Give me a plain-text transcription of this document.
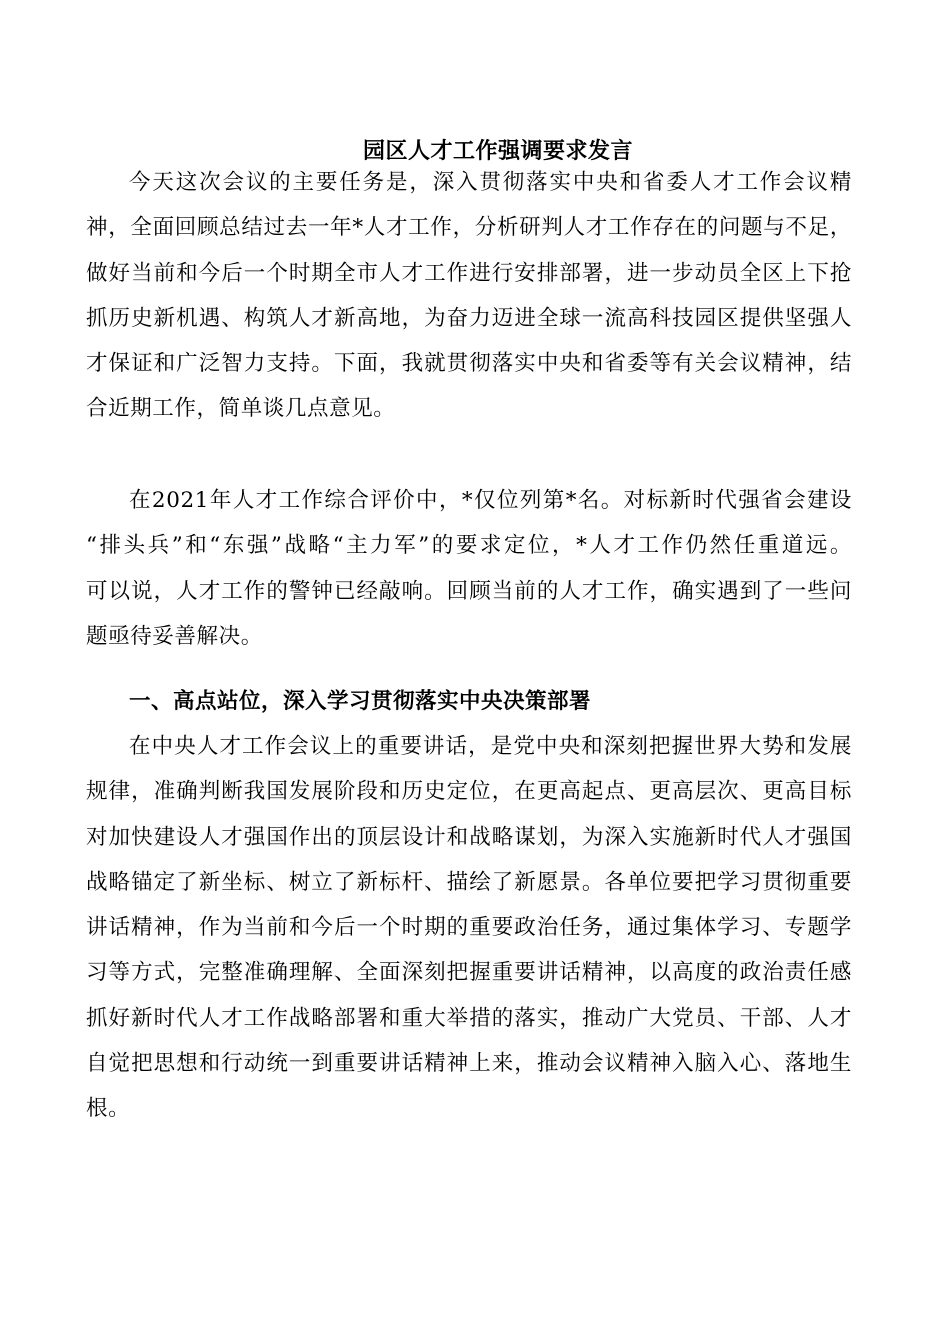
园区人才工作强调要求发言
今天这次会议的主要任务是，深入贯彻落实中央和省委人才工作会议精
神，全面回顾总结过去一年*人才工作，分析研判人才工作存在的问题与不足，
做好当前和今后一个时期全市人才工作进行安排部署，进一步动员全区上下抢
抓历史新机遇、构筑人才新高地，为奋力迈进全球一流高科技园区提供坚强人
才保证和广泛智力支持。下面，我就贯彻落实中央和省委等有关会议精神，结
合近期工作，简单谈几点意见。
在2021年人才工作综合评价中，*仅位列第*名。对标新时代强省会建设
“排头兵”和“东强”战略“主力军”的要求定位，*人才工作仍然任重道远。
可以说，人才工作的警钟已经敲响。回顾当前的人才工作，确实遇到了一些问
题亟待妥善解决。
一、高点站位，深入学习贯彻落实中央决策部署
在中央人才工作会议上的重要讲话，是党中央和深刻把握世界大势和发展
规律，准确判断我国发展阶段和历史定位，在更高起点、更高层次、更高目标
对加快建设人才强国作出的顶层设计和战略谋划，为深入实施新时代人才强国
战略锚定了新坐标、树立了新标杆、描绘了新愿景。各单位要把学习贯彻重要
讲话精神，作为当前和今后一个时期的重要政治任务，通过集体学习、专题学
习等方式，完整准确理解、全面深刻把握重要讲话精神，以高度的政治责任感
抓好新时代人才工作战略部署和重大举措的落实，推动广大党员、干部、人才
自觉把思想和行动统一到重要讲话精神上来，推动会议精神入脑入心、落地生
根。
